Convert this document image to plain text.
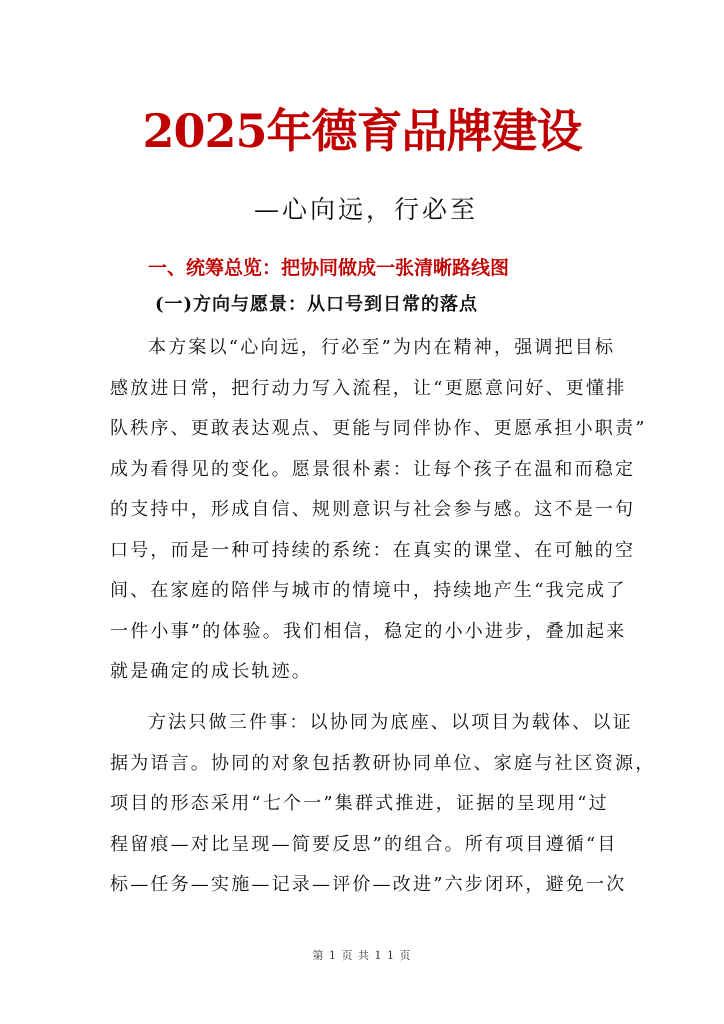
2025年德育品牌建设
—心向远，行必至
一、统筹总览：把协同做成一张清晰路线图
(一)方向与愿景：从口号到日常的落点
本方案以“心向远，行必至”为内在精神，强调把目标
感放进日常，把行动力写入流程，让“更愿意问好、更懂排
队秩序、更敢表达观点、更能与同伴协作、更愿承担小职责”
成为看得见的变化。愿景很朴素：让每个孩子在温和而稳定
的支持中，形成自信、规则意识与社会参与感。这不是一句
口号，而是一种可持续的系统：在真实的课堂、在可触的空
间、在家庭的陪伴与城市的情境中，持续地产生“我完成了
一件小事”的体验。我们相信，稳定的小小进步，叠加起来
就是确定的成长轨迹。
方法只做三件事：以协同为底座、以项目为载体、以证
据为语言。协同的对象包括教研协同单位、家庭与社区资源，
项目的形态采用“七个一”集群式推进，证据的呈现用“过
程留痕—对比呈现—简要反思”的组合。所有项目遵循“目
标—任务—实施—记录—评价—改进”六步闭环，避免一次
第 1 页 共 1 1 页
